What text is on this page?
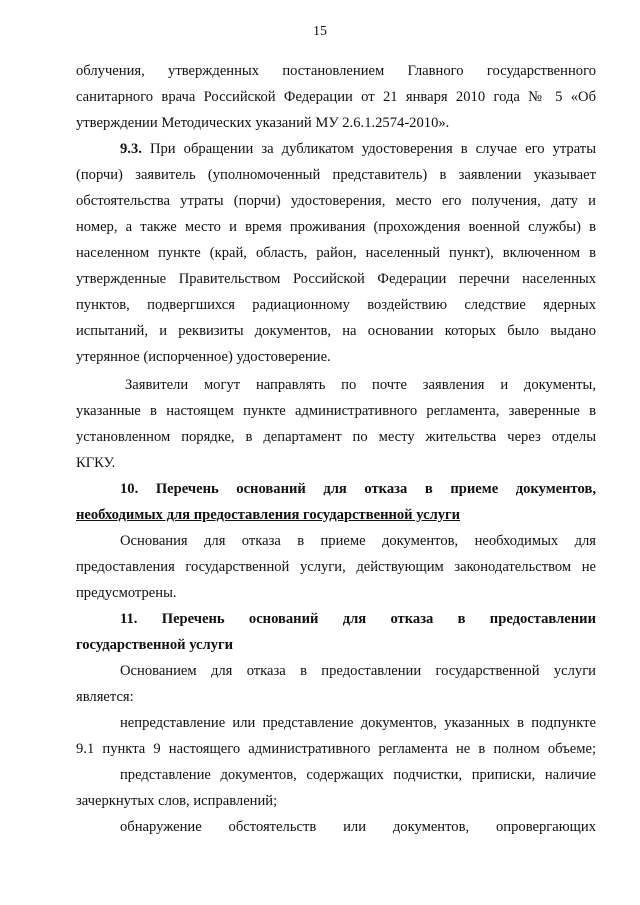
15
облучения, утвержденных постановлением Главного государственного
санитарного врача Российской Федерации от 21 января 2010 года № 5 «Об
утверждении Методических указаний МУ 2.6.1.2574-2010».
9.3. При обращении за дубликатом удостоверения в случае его утраты
(порчи) заявитель (уполномоченный представитель) в заявлении указывает
обстоятельства утраты (порчи) удостоверения, место его получения, дату и
номер, а также место и время проживания (прохождения военной службы) в
населенном пункте (край, область, район, населенный пункт), включенном в
утвержденные Правительством Российской Федерации перечни населенных
пунктов, подвергшихся радиационному воздействию следствие ядерных
испытаний, и реквизиты документов, на основании которых было выдано
утерянное (испорченное) удостоверение.
Заявители могут направлять по почте заявления и документы,
указанные в настоящем пункте административного регламента, заверенные в
установленном порядке, в департамент по месту жительства через отделы
КГКУ.
10. Перечень оснований для отказа в приеме документов,
необходимых для предоставления государственной услуги
Основания для отказа в приеме документов, необходимых для
предоставления государственной услуги, действующим законодательством не
предусмотрены.
11. Перечень оснований для отказа в предоставлении
государственной услуги
Основанием для отказа в предоставлении государственной услуги
является:
непредставление или представление документов, указанных в подпункте
9.1 пункта 9 настоящего административного регламента не в полном объеме;
представление документов, содержащих подчистки, приписки, наличие
зачеркнутых слов, исправлений;
обнаружение обстоятельств или документов, опровергающих
